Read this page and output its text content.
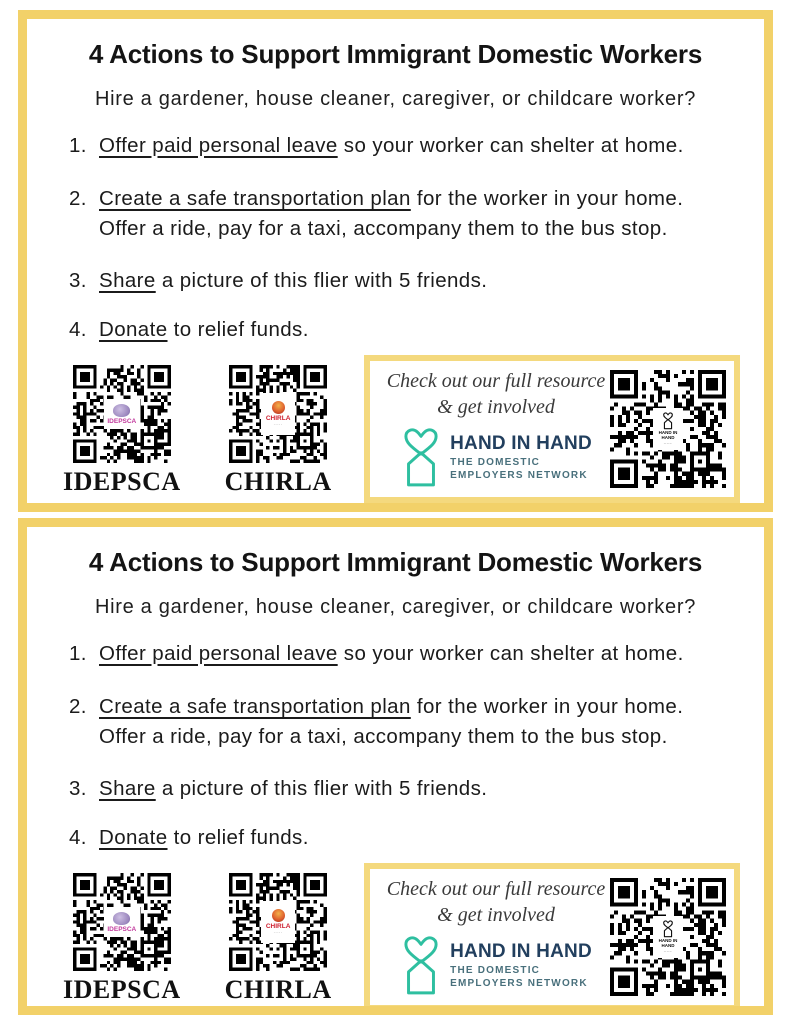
4 Actions to Support Immigrant Domestic Workers
Hire a gardener, house cleaner, caregiver, or childcare worker?
1. Offer paid personal leave so your worker can shelter at home.
2. Create a safe transportation plan for the worker in your home.
Offer a ride, pay for a taxi, accompany them to the bus stop.
3. Share a picture of this flier with 5 friends.
4. Donate to relief funds.
IDEPSCA
IDEPSCA
CHIRLA
·····
CHIRLA
Check out our full resource
& get involved
HAND IN HAND
THE DOMESTIC
EMPLOYERS NETWORK
HAND IN HAND
~~~
4 Actions to Support Immigrant Domestic Workers
Hire a gardener, house cleaner, caregiver, or childcare worker?
1. Offer paid personal leave so your worker can shelter at home.
2. Create a safe transportation plan for the worker in your home.
Offer a ride, pay for a taxi, accompany them to the bus stop.
3. Share a picture of this flier with 5 friends.
4. Donate to relief funds.
IDEPSCA
IDEPSCA
CHIRLA
·····
CHIRLA
Check out our full resource
& get involved
HAND IN HAND
THE DOMESTIC
EMPLOYERS NETWORK
HAND IN HAND
~~~
